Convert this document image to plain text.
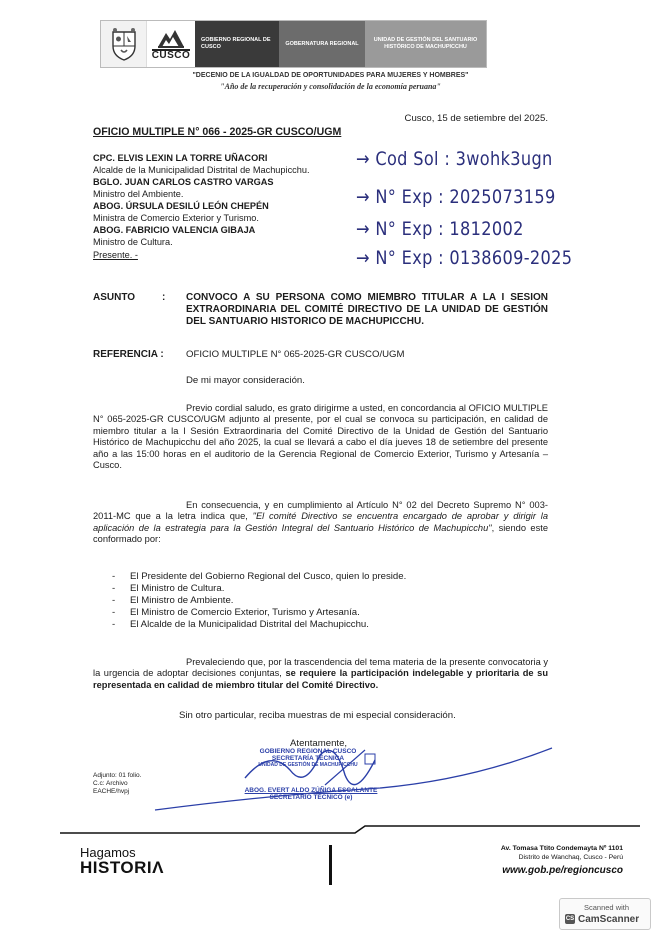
CUSCO
GOBIERNO REGIONAL DE CUSCO	GOBERNATURA REGIONAL
UNIDAD DE GESTIÓN DEL SANTUARIO HISTÓRICO DE MACHUPICCHU
"DECENIO DE LA IGUALDAD DE OPORTUNIDADES PARA MUJERES Y HOMBRES"
"Año de la recuperación y consolidación de la economía peruana"
Cusco, 15 de setiembre del 2025.
OFICIO MULTIPLE N° 066 - 2025-GR CUSCO/UGM
CPC. ELVIS LEXIN LA TORRE UÑACORI
Alcalde de la Municipalidad Distrital de Machupicchu.
BGLO. JUAN CARLOS CASTRO VARGAS
Ministro del Ambiente.
ABOG. ÚRSULA DESILÚ LEÓN CHEPÉN
Ministra de Comercio Exterior y Turismo.
ABOG. FABRICIO VALENCIA GIBAJA
Ministro de Cultura.
Presente. -
→ Cod Sol : 3wohk3ugn
→ N° Exp : 2025073159
→ N° Exp : 1812002
→ N° Exp : 0138609-2025
ASUNTO	: CONVOCO A SU PERSONA COMO MIEMBRO TITULAR A LA I SESION EXTRAORDINARIA DEL COMITÉ DIRECTIVO DE LA UNIDAD DE GESTIÓN DEL SANTUARIO HISTORICO DE MACHUPICCHU.
REFERENCIA : OFICIO MULTIPLE N° 065-2025-GR CUSCO/UGM
De mi mayor consideración.
Previo cordial saludo, es grato dirigirme a usted, en concordancia al OFICIO MULTIPLE N° 065-2025-GR CUSCO/UGM adjunto al presente, por el cual se convoca su participación, en calidad de miembro titular a la I Sesión Extraordinaria del Comité Directivo de la Unidad de Gestión del Santuario Histórico de Machupicchu del año 2025, la cual se llevará a cabo el día jueves 18 de setiembre del presente año a las 15:00 horas en el auditorio de la Gerencia Regional de Comercio Exterior, Turismo y Artesanía – Cusco.
En consecuencia, y en cumplimiento al Artículo N° 02 del Decreto Supremo N° 003-2011-MC que a la letra indica que, "El comité Directivo se encuentra encargado de aprobar y dirigir la aplicación de la estrategia para la Gestión Integral del Santuario Histórico de Machupicchu", siendo este conformado por:
- El Presidente del Gobierno Regional del Cusco, quien lo preside.
- El Ministro de Cultura.
- El Ministro de Ambiente.
- El Ministro de Comercio Exterior, Turismo y Artesanía.
- El Alcalde de la Municipalidad Distrital del Machupicchu.
Prevaleciendo que, por la trascendencia del tema materia de la presente convocatoria y la urgencia de adoptar decisiones conjuntas, se requiere la participación indelegable y prioritaria de su representada en calidad de miembro titular del Comité Directivo.
Sin otro particular, reciba muestras de mi especial consideración.
Atentamente,
GOBIERNO REGIONAL CUSCO
SECRETARÍA TÉCNICA
UNIDAD DE GESTIÓN DE MACHUPICCHU
ABOG. EVERT ALDO ZÚÑIGA ESCALANTE
SECRETARIO TÉCNICO (e)
Adjunto: 01 folio.
C.c: Archivo
EACHE/hvpj
Hagamos
HISTORIΛ
Av. Tomasa Ttito Condemayta Nº 1101
Distrito de Wanchaq, Cusco - Perú
www.gob.pe/regioncusco
Scanned with
CS CamScanner
